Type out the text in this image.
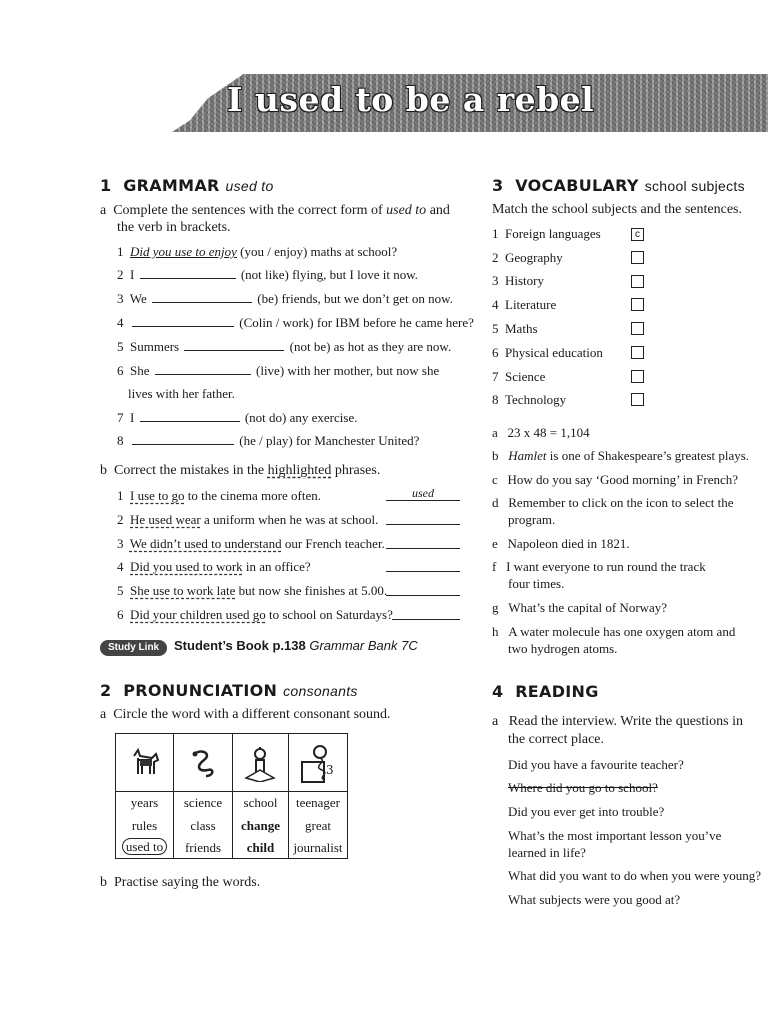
I used to be a rebel
1 GRAMMAR used to
a Complete the sentences with the correct form of used to and
the verb in brackets.
1 Did you use to enjoy (you / enjoy) maths at school?
2 I	(not like) flying, but I love it now.
3 We	(be) friends, but we don’t get on now.
4	(Colin / work) for IBM before he came here?
5 Summers	(not be) as hot as they are now.
6 She	(live) with her mother, but now she
lives with her father.
7 I	(not do) any exercise.
8	(he / play) for Manchester United?
b Correct the mistakes in the highlighted phrases.
1 I use to go to the cinema more often.	used
2 He used wear a uniform when he was at school.
3 We didn’t used to understand our French teacher.
4 Did you used to work in an office?
5 She use to work late but now she finishes at 5.00.
6 Did your children used go to school on Saturdays?
Study Link	Student’s Book p.138 Grammar Bank 7C
2 PRONUNCIATION consonants
a Circle the word with a different consonant sound.
3
years	science	school	teenager
rules	class	change	great
used to	friends	child	journalist
b Practise saying the words.
3 VOCABULARY school subjects
Match the school subjects and the sentences.
1 Foreign languages
2 Geography
3 History
4 Literature
5 Maths
6 Physical education
7 Science
8 Technology
c
a 23 x 48 = 1,104
b Hamlet is one of Shakespeare’s greatest plays.
c How do you say ‘Good morning’ in French?
d Remember to click on the icon to select the
program.
e Napoleon died in 1821.
f I want everyone to run round the track
four times.
g What’s the capital of Norway?
h A water molecule has one oxygen atom and
two hydrogen atoms.
4 READING
a Read the interview. Write the questions in
the correct place.
Did you have a favourite teacher?
Where did you go to school?
Did you ever get into trouble?
What’s the most important lesson you’ve
learned in life?
What did you want to do when you were young?
What subjects were you good at?
